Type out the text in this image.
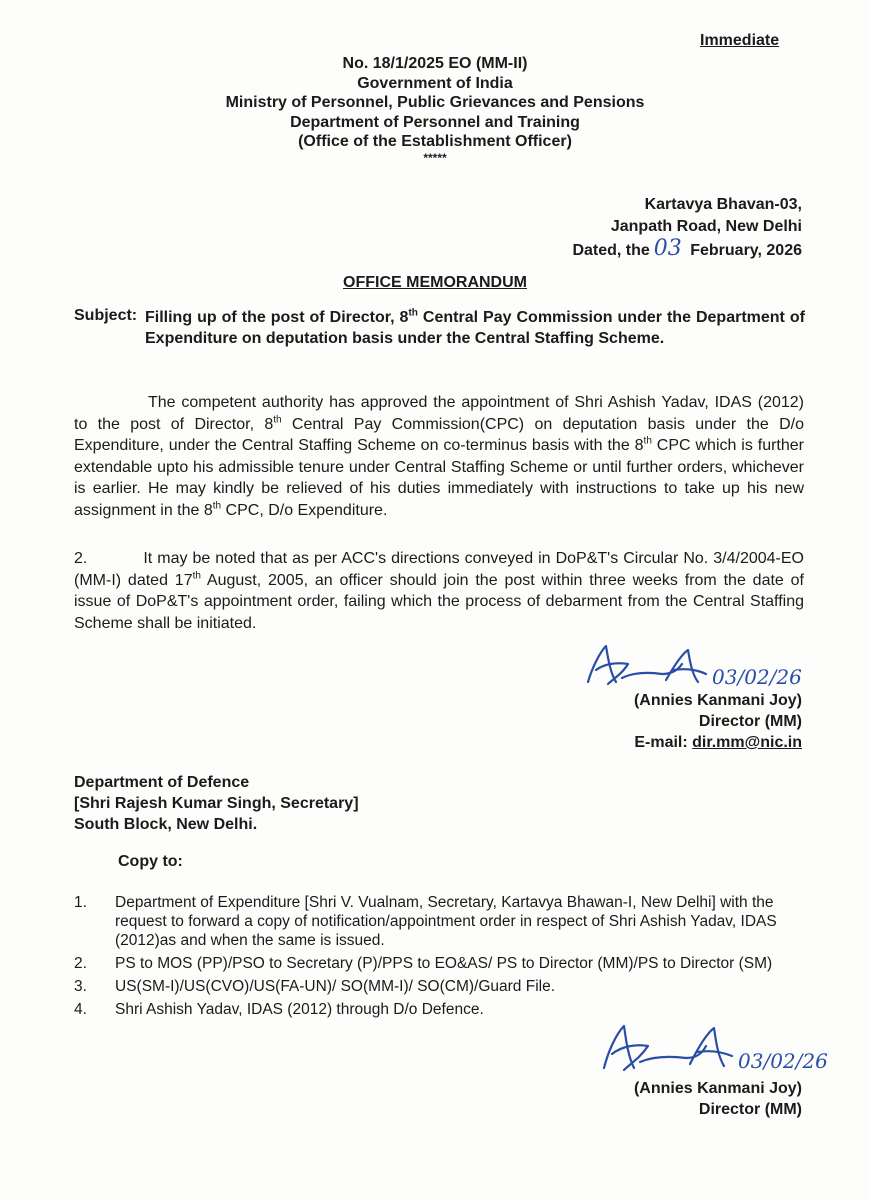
Immediate
No. 18/1/2025 EO (MM-II)
Government of India
Ministry of Personnel, Public Grievances and Pensions
Department of Personnel and Training
(Office of the Establishment Officer)
*****
Kartavya Bhavan-03,
Janpath Road, New Delhi
Dated, the 03 February, 2026
OFFICE MEMORANDUM
Subject: Filling up of the post of Director, 8th Central Pay Commission under the Department of Expenditure on deputation basis under the Central Staffing Scheme.
The competent authority has approved the appointment of Shri Ashish Yadav, IDAS (2012) to the post of Director, 8th Central Pay Commission(CPC) on deputation basis under the D/o Expenditure, under the Central Staffing Scheme on co-terminus basis with the 8th CPC which is further extendable upto his admissible tenure under Central Staffing Scheme or until further orders, whichever is earlier. He may kindly be relieved of his duties immediately with instructions to take up his new assignment in the 8th CPC, D/o Expenditure.
2.	It may be noted that as per ACC's directions conveyed in DoP&T's Circular No. 3/4/2004-EO (MM-I) dated 17th August, 2005, an officer should join the post within three weeks from the date of issue of DoP&T's appointment order, failing which the process of debarment from the Central Staffing Scheme shall be initiated.
03/02/26
(Annies Kanmani Joy)
Director (MM)
E-mail: dir.mm@nic.in
Department of Defence
[Shri Rajesh Kumar Singh, Secretary]
South Block, New Delhi.
Copy to:
1.	Department of Expenditure [Shri V. Vualnam, Secretary, Kartavya Bhawan-I, New Delhi] with the request to forward a copy of notification/appointment order in respect of Shri Ashish Yadav, IDAS (2012)as and when the same is issued.
2.	PS to MOS (PP)/PSO to Secretary (P)/PPS to EO&AS/ PS to Director (MM)/PS to Director (SM)
3.	US(SM-I)/US(CVO)/US(FA-UN)/ SO(MM-I)/ SO(CM)/Guard File.
4.	Shri Ashish Yadav, IDAS (2012) through D/o Defence.
03/02/26
(Annies Kanmani Joy)
Director (MM)
